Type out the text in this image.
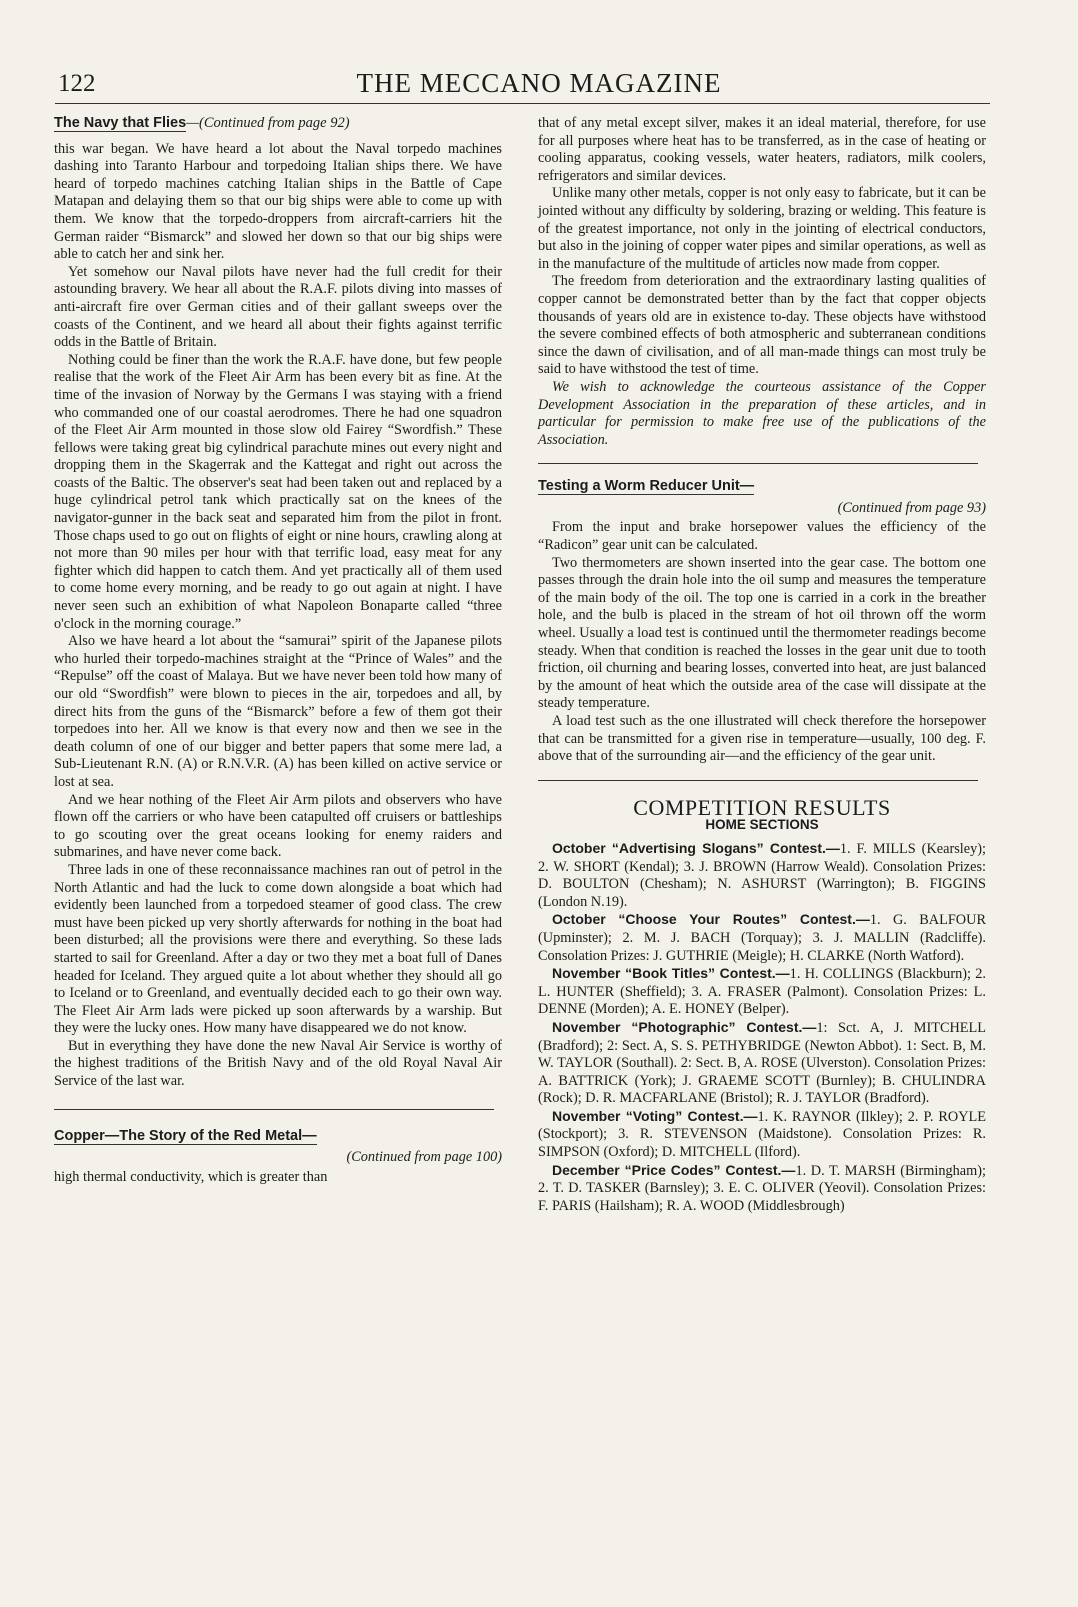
122	THE MECCANO MAGAZINE
The Navy that Flies—(Continued from page 92)

this war began. We have heard a lot about the Naval torpedo machines dashing into Taranto Harbour and torpedoing Italian ships there. We have heard of torpedo machines catching Italian ships in the Battle of Cape Matapan and delaying them so that our big ships were able to come up with them. We know that the torpedo-droppers from aircraft-carriers hit the German raider “Bismarck” and slowed her down so that our big ships were able to catch her and sink her.

Yet somehow our Naval pilots have never had the full credit for their astounding bravery. We hear all about the R.A.F. pilots diving into masses of anti-aircraft fire over German cities and of their gallant sweeps over the coasts of the Continent, and we heard all about their fights against terrific odds in the Battle of Britain.

Nothing could be finer than the work the R.A.F. have done, but few people realise that the work of the Fleet Air Arm has been every bit as fine. At the time of the invasion of Norway by the Germans I was staying with a friend who commanded one of our coastal aerodromes. There he had one squadron of the Fleet Air Arm mounted in those slow old Fairey “Swordfish.” These fellows were taking great big cylindrical parachute mines out every night and dropping them in the Skagerrak and the Kattegat and right out across the coasts of the Baltic. The observer's seat had been taken out and replaced by a huge cylindrical petrol tank which practically sat on the knees of the navigator-gunner in the back seat and separated him from the pilot in front. Those chaps used to go out on flights of eight or nine hours, crawling along at not more than 90 miles per hour with that terrific load, easy meat for any fighter which did happen to catch them. And yet practically all of them used to come home every morning, and be ready to go out again at night. I have never seen such an exhibition of what Napoleon Bonaparte called “three o'clock in the morning courage.”

Also we have heard a lot about the “samurai” spirit of the Japanese pilots who hurled their torpedo-machines straight at the “Prince of Wales” and the “Repulse” off the coast of Malaya. But we have never been told how many of our old “Swordfish” were blown to pieces in the air, torpedoes and all, by direct hits from the guns of the “Bismarck” before a few of them got their torpedoes into her. All we know is that every now and then we see in the death column of one of our bigger and better papers that some mere lad, a Sub-Lieutenant R.N. (A) or R.N.V.R. (A) has been killed on active service or lost at sea.

And we hear nothing of the Fleet Air Arm pilots and observers who have flown off the carriers or who have been catapulted off cruisers or battleships to go scouting over the great oceans looking for enemy raiders and submarines, and have never come back.

Three lads in one of these reconnaissance machines ran out of petrol in the North Atlantic and had the luck to come down alongside a boat which had evidently been launched from a torpedoed steamer of good class. The crew must have been picked up very shortly afterwards for nothing in the boat had been disturbed; all the provisions were there and everything. So these lads started to sail for Greenland. After a day or two they met a boat full of Danes headed for Iceland. They argued quite a lot about whether they should all go to Iceland or to Greenland, and eventually decided each to go their own way. The Fleet Air Arm lads were picked up soon afterwards by a warship. But they were the lucky ones. How many have disappeared we do not know.

But in everything they have done the new Naval Air Service is worthy of the highest traditions of the British Navy and of the old Royal Naval Air Service of the last war.

Copper—The Story of the Red Metal—
(Continued from page 100)

high thermal conductivity, which is greater than

that of any metal except silver, makes it an ideal material, therefore, for use for all purposes where heat has to be transferred, as in the case of heating or cooling apparatus, cooking vessels, water heaters, radiators, milk coolers, refrigerators and similar devices.

Unlike many other metals, copper is not only easy to fabricate, but it can be jointed without any difficulty by soldering, brazing or welding. This feature is of the greatest importance, not only in the jointing of electrical conductors, but also in the joining of copper water pipes and similar operations, as well as in the manufacture of the multitude of articles now made from copper.

The freedom from deterioration and the extraordinary lasting qualities of copper cannot be demonstrated better than by the fact that copper objects thousands of years old are in existence to-day. These objects have withstood the severe combined effects of both atmospheric and subterranean conditions since the dawn of civilisation, and of all man-made things can most truly be said to have withstood the test of time.

We wish to acknowledge the courteous assistance of the Copper Development Association in the preparation of these articles, and in particular for permission to make free use of the publications of the Association.

Testing a Worm Reducer Unit—
(Continued from page 93)

From the input and brake horsepower values the efficiency of the “Radicon” gear unit can be calculated.

Two thermometers are shown inserted into the gear case. The bottom one passes through the drain hole into the oil sump and measures the temperature of the main body of the oil. The top one is carried in a cork in the breather hole, and the bulb is placed in the stream of hot oil thrown off the worm wheel. Usually a load test is continued until the thermometer readings become steady. When that condition is reached the losses in the gear unit due to tooth friction, oil churning and bearing losses, converted into heat, are just balanced by the amount of heat which the outside area of the case will dissipate at the steady temperature.

A load test such as the one illustrated will check therefore the horsepower that can be transmitted for a given rise in temperature—usually, 100 deg. F. above that of the surrounding air—and the efficiency of the gear unit.

COMPETITION RESULTS
HOME SECTIONS

October “Advertising Slogans” Contest.—1. F. MILLS (Kearsley); 2. W. SHORT (Kendal); 3. J. BROWN (Harrow Weald). Consolation Prizes: D. BOULTON (Chesham); N. ASHURST (Warrington); B. FIGGINS (London N.19).

October “Choose Your Routes” Contest.—1. G. BALFOUR (Upminster); 2. M. J. BACH (Torquay); 3. J. MALLIN (Radcliffe). Consolation Prizes: J. GUTHRIE (Meigle); H. CLARKE (North Watford).

November “Book Titles” Contest.—1. H. COLLINGS (Blackburn); 2. L. HUNTER (Sheffield); 3. A. FRASER (Palmont). Consolation Prizes: L. DENNE (Morden); A. E. HONEY (Belper).

November “Photographic” Contest.—1: Sct. A, J. MITCHELL (Bradford); 2: Sect. A, S. S. PETHYBRIDGE (Newton Abbot). 1: Sect. B, M. W. TAYLOR (Southall). 2: Sect. B, A. ROSE (Ulverston). Consolation Prizes: A. BATTRICK (York); J. GRAEME SCOTT (Burnley); B. CHULINDRA (Rock); D. R. MACFARLANE (Bristol); R. J. TAYLOR (Bradford).

November “Voting” Contest.—1. K. RAYNOR (Ilkley); 2. P. ROYLE (Stockport); 3. R. STEVENSON (Maidstone). Consolation Prizes: R. SIMPSON (Oxford); D. MITCHELL (Ilford).

December “Price Codes” Contest.—1. D. T. MARSH (Birmingham); 2. T. D. TASKER (Barnsley); 3. E. C. OLIVER (Yeovil). Consolation Prizes: F. PARIS (Hailsham); R. A. WOOD (Middlesbrough)
